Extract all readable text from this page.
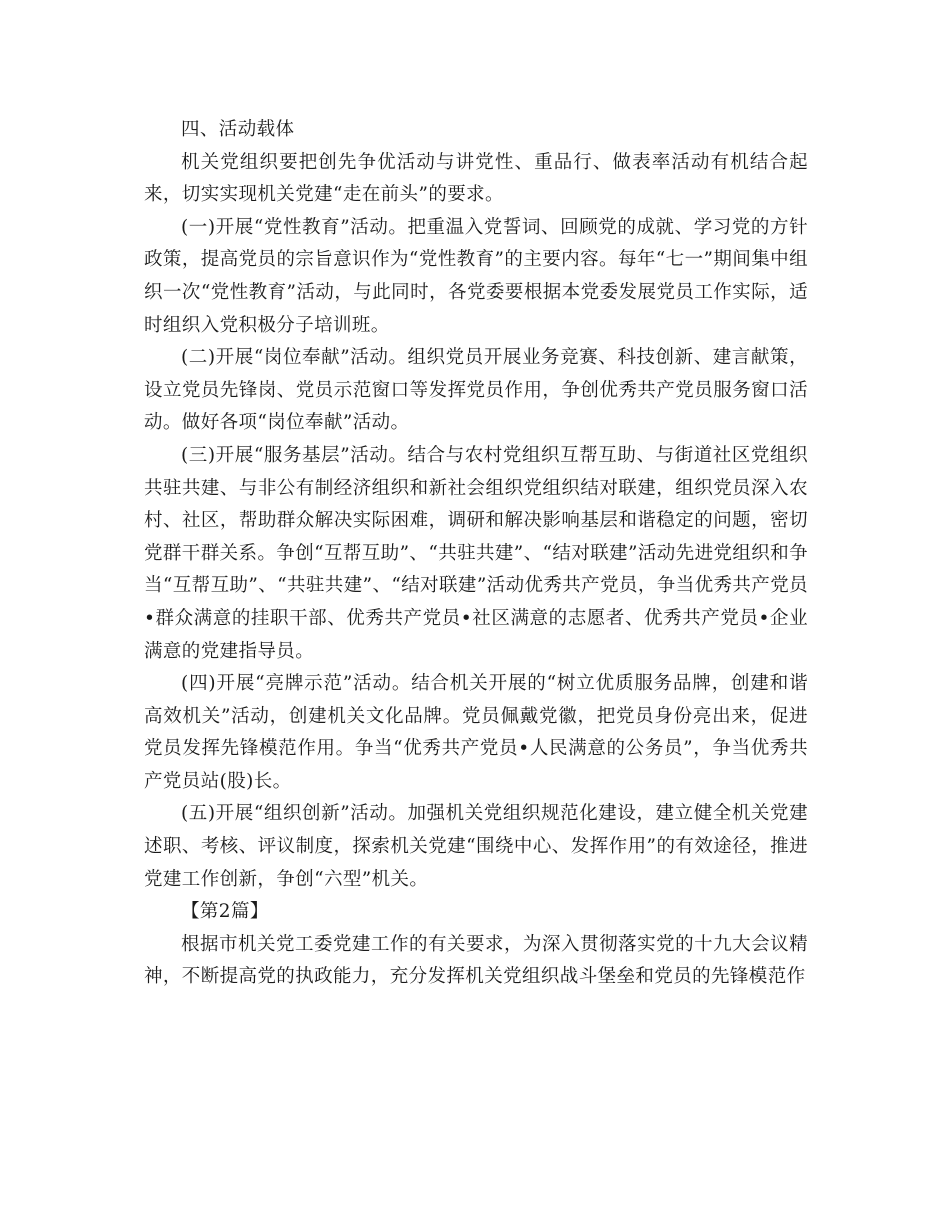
四、活动载体

机关党组织要把创先争优活动与讲党性、重品行、做表率活动有机结合起来，切实实现机关党建“走在前头”的要求。

(一)开展“党性教育”活动。把重温入党誓词、回顾党的成就、学习党的方针政策，提高党员的宗旨意识作为“党性教育”的主要内容。每年“七一”期间集中组织一次“党性教育”活动，与此同时，各党委要根据本党委发展党员工作实际，适时组织入党积极分子培训班。

(二)开展“岗位奉献”活动。组织党员开展业务竞赛、科技创新、建言献策，设立党员先锋岗、党员示范窗口等发挥党员作用，争创优秀共产党员服务窗口活动。做好各项“岗位奉献”活动。

(三)开展“服务基层”活动。结合与农村党组织互帮互助、与街道社区党组织共驻共建、与非公有制经济组织和新社会组织党组织结对联建，组织党员深入农村、社区，帮助群众解决实际困难，调研和解决影响基层和谐稳定的问题，密切党群干群关系。争创“互帮互助”、“共驻共建”、“结对联建”活动先进党组织和争当“互帮互助”、“共驻共建”、“结对联建”活动优秀共产党员，争当优秀共产党员•群众满意的挂职干部、优秀共产党员•社区满意的志愿者、优秀共产党员•企业满意的党建指导员。

(四)开展“亮牌示范”活动。结合机关开展的“树立优质服务品牌，创建和谐高效机关”活动，创建机关文化品牌。党员佩戴党徽，把党员身份亮出来，促进党员发挥先锋模范作用。争当“优秀共产党员•人民满意的公务员”，争当优秀共产党员站(股)长。

(五)开展“组织创新”活动。加强机关党组织规范化建设，建立健全机关党建述职、考核、评议制度，探索机关党建“围绕中心、发挥作用”的有效途径，推进党建工作创新，争创“六型”机关。

【第2篇】

根据市机关党工委党建工作的有关要求，为深入贯彻落实党的十九大会议精神，不断提高党的执政能力，充分发挥机关党组织战斗堡垒和党员的先锋模范作
